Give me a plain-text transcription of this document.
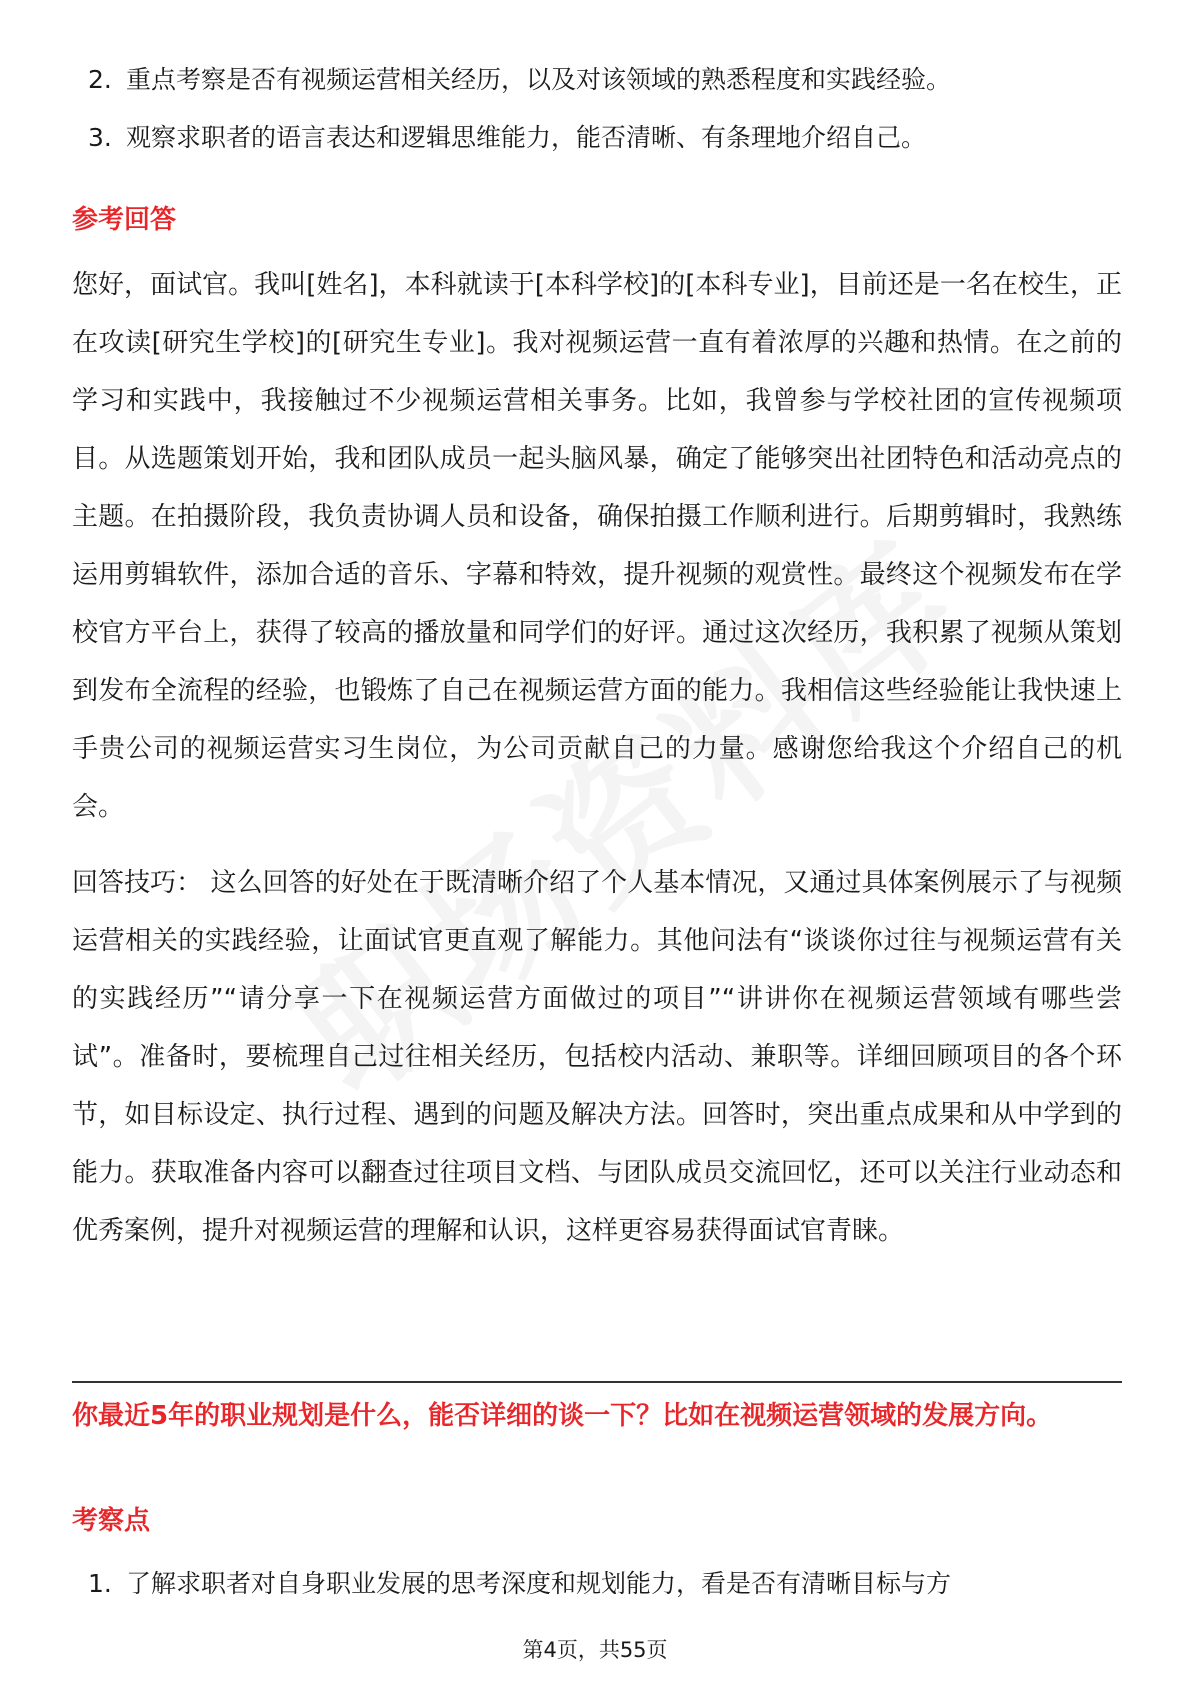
2. 重点考察是否有视频运营相关经历，以及对该领域的熟悉程度和实践经验。
3. 观察求职者的语言表达和逻辑思维能力，能否清晰、有条理地介绍自己。
参考回答

您好，面试官。我叫[姓名]，本科就读于[本科学校]的[本科专业]，目前还是一名在校生，正在攻读[研究生学校]的[研究生专业]。我对视频运营一直有着浓厚的兴趣和热情。在之前的学习和实践中，我接触过不少视频运营相关事务。比如，我曾参与学校社团的宣传视频项目。从选题策划开始，我和团队成员一起头脑风暴，确定了能够突出社团特色和活动亮点的主题。在拍摄阶段，我负责协调人员和设备，确保拍摄工作顺利进行。后期剪辑时，我熟练运用剪辑软件，添加合适的音乐、字幕和特效，提升视频的观赏性。最终这个视频发布在学校官方平台上，获得了较高的播放量和同学们的好评。通过这次经历，我积累了视频从策划到发布全流程的经验，也锻炼了自己在视频运营方面的能力。我相信这些经验能让我快速上手贵公司的视频运营实习生岗位，为公司贡献自己的力量。感谢您给我这个介绍自己的机会。

回答技巧： 这么回答的好处在于既清晰介绍了个人基本情况，又通过具体案例展示了与视频运营相关的实践经验，让面试官更直观了解能力。其他问法有“谈谈你过往与视频运营有关的实践经历”“请分享一下在视频运营方面做过的项目”“讲讲你在视频运营领域有哪些尝试”。准备时，要梳理自己过往相关经历，包括校内活动、兼职等。详细回顾项目的各个环节，如目标设定、执行过程、遇到的问题及解决方法。回答时，突出重点成果和从中学到的能力。获取准备内容可以翻查过往项目文档、与团队成员交流回忆，还可以关注行业动态和优秀案例，提升对视频运营的理解和认识，这样更容易获得面试官青睐。

你最近5年的职业规划是什么，能否详细的谈一下？比如在视频运营领域的发展方向。
考察点
1. 了解求职者对自身职业发展的思考深度和规划能力，看是否有清晰目标与方
第4页，共55页
